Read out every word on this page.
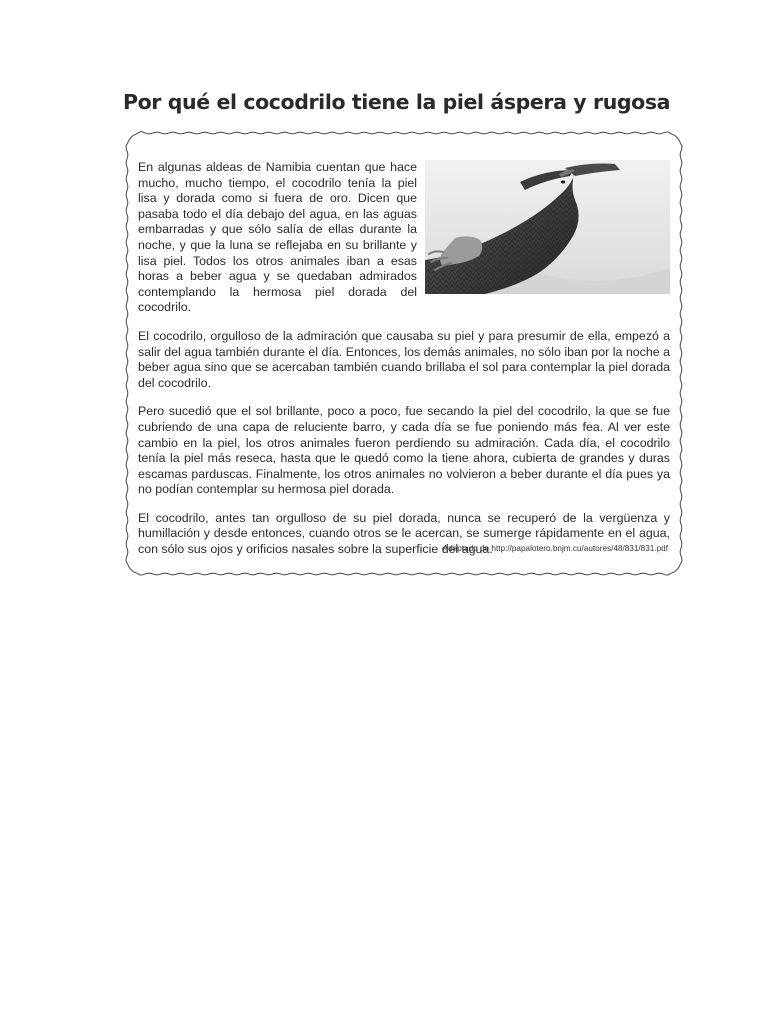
Por qué el cocodrilo tiene la piel áspera y rugosa

En algunas aldeas de Namibia cuentan que hace mucho, mucho tiempo, el cocodrilo tenía la piel lisa y dorada como si fuera de oro. Dicen que pasaba todo el día debajo del agua, en las aguas embarradas y que sólo salía de ellas durante la noche, y que la luna se reflejaba en su brillante y lisa piel. Todos los otros animales iban a esas horas a beber agua y se quedaban admirados contemplando la hermosa piel dorada del cocodrilo.

El cocodrilo, orgulloso de la admiración que causaba su piel y para presumir de ella, empezó a salir del agua también durante el día. Entonces, los demás animales, no sólo iban por la noche a beber agua sino que se acercaban también cuando brillaba el sol para contemplar la piel dorada del cocodrilo.

Pero sucedió que el sol brillante, poco a poco, fue secando la piel del cocodrilo, la que se fue cubriendo de una capa de reluciente barro, y cada día se fue poniendo más fea. Al ver este cambio en la piel, los otros animales fueron perdiendo su admiración. Cada día, el cocodrilo tenía la piel más reseca, hasta que le quedó como la tiene ahora, cubierta de grandes y duras escamas parduscas. Finalmente, los otros animales no volvieron a beber durante el día pues ya no podían contemplar su hermosa piel dorada.

El cocodrilo, antes tan orgulloso de su piel dorada, nunca se recuperó de la vergüenza y humillación y desde entonces, cuando otros se le acercan, se sumerge rápidamente en el agua, con sólo sus ojos y orificios nasales sobre la superficie del agua.

Adaptado de http://papalotero.bnjm.cu/autores/48/831/831.pdf
